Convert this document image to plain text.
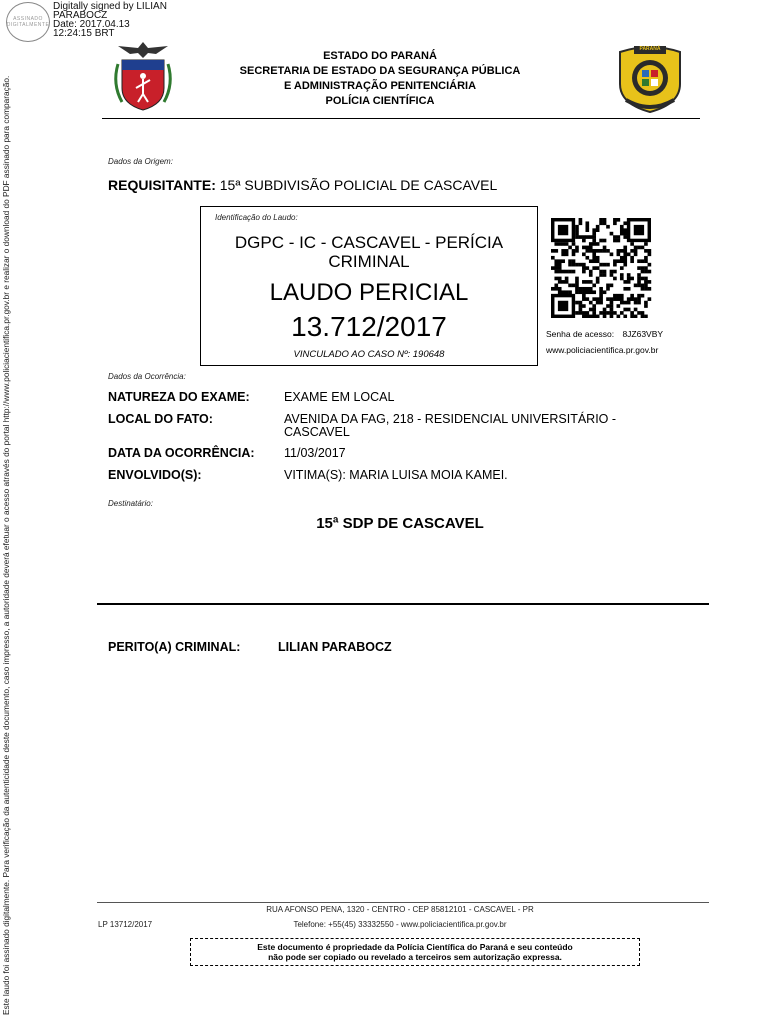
ASSINADO DIGITALMENTE
Digitally signed by LILIAN
PARABOCZ
Date: 2017.04.13
12:24:15 BRT
Este laudo foi assinado digitalmente. Para verificação da autenticidade deste documento, caso impresso, a autoridade deverá efetuar o acesso através do portal http://www.policiacientifica.pr.gov.br e realizar o download do PDF assinado para comparação.
ESTADO DO PARANÁ
SECRETARIA DE ESTADO DA SEGURANÇA PÚBLICA
E ADMINISTRAÇÃO PENITENCIÁRIA
POLÍCIA CIENTÍFICA
PARANÁ
Dados da Origem:
REQUISITANTE: 15ª SUBDIVISÃO POLICIAL DE CASCAVEL
Identificação do Laudo:
DGPC - IC - CASCAVEL - PERÍCIA
CRIMINAL
LAUDO PERICIAL
13.712/2017
VINCULADO AO CASO Nº: 190648
Senha de acesso: 8JZ63VBY
www.policiacientifica.pr.gov.br
Dados da Ocorrência:
NATUREZA DO EXAME:	EXAME EM LOCAL
LOCAL DO FATO:	AVENIDA DA FAG, 218 - RESIDENCIAL UNIVERSITÁRIO - CASCAVEL
DATA DA OCORRÊNCIA: 11/03/2017
ENVOLVIDO(S):	VITIMA(S): MARIA LUISA MOIA KAMEI.
Destinatário:
15ª SDP DE CASCAVEL
PERITO(A) CRIMINAL:	LILIAN PARABOCZ
RUA AFONSO PENA, 1320 - CENTRO - CEP 85812101 - CASCAVEL - PR
LP 13712/2017	Telefone: +55(45) 33332550 - www.policiacientifica.pr.gov.br
Este documento é propriedade da Polícia Científica do Paraná e seu conteúdo
não pode ser copiado ou revelado a terceiros sem autorização expressa.
